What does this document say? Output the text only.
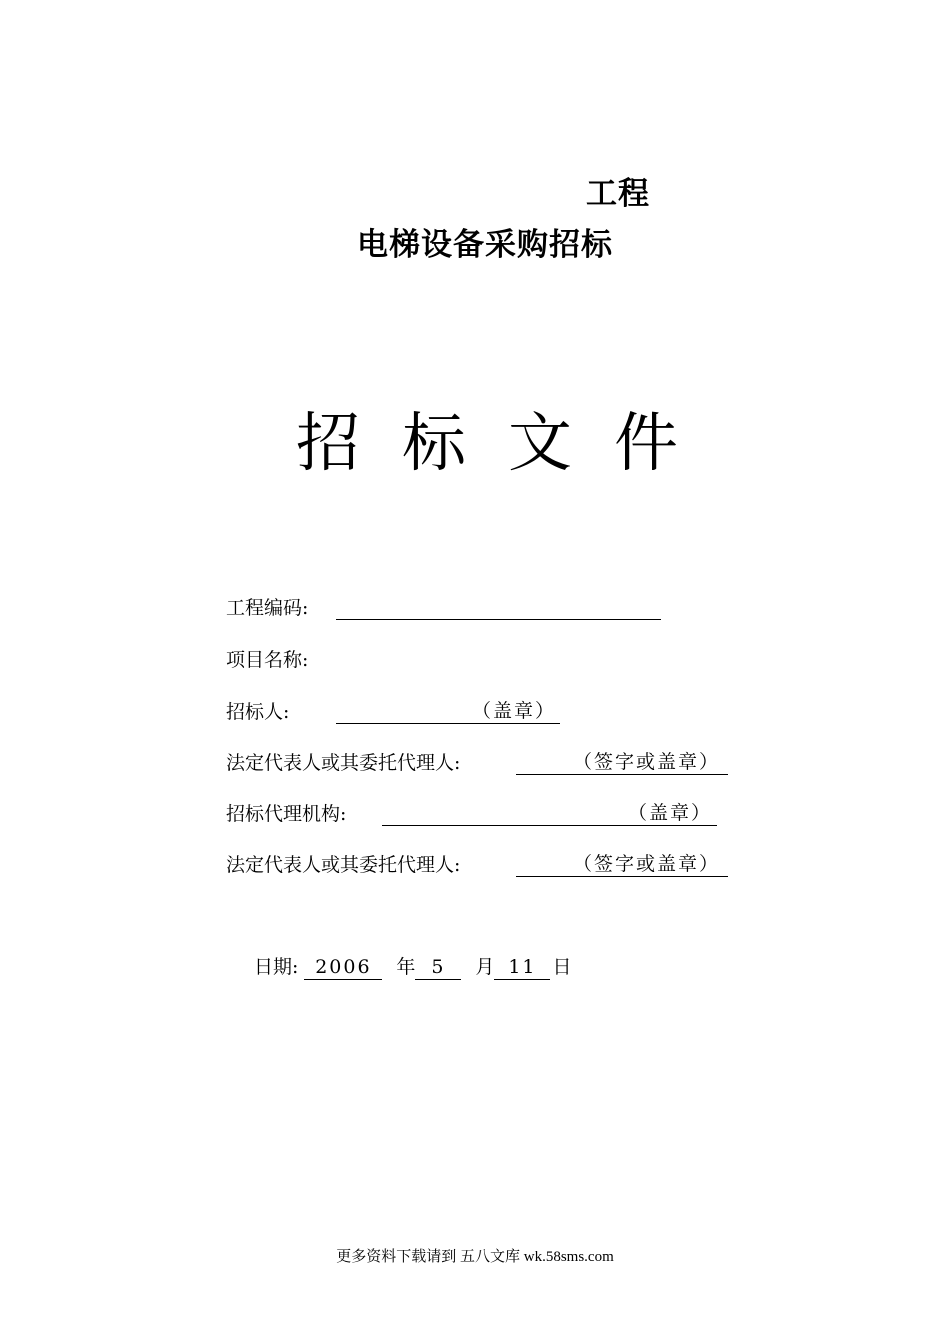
工程
电梯设备采购招标
招标文件
工程编码:
项目名称:
招标人:	（盖章）
法定代表人或其委托代理人:	（签字或盖章）
招标代理机构:	（盖章）
法定代表人或其委托代理人:	（签字或盖章）
日期: 2006 年 5 月 11 日
更多资料下载请到 五八文库 wk.58sms.com
